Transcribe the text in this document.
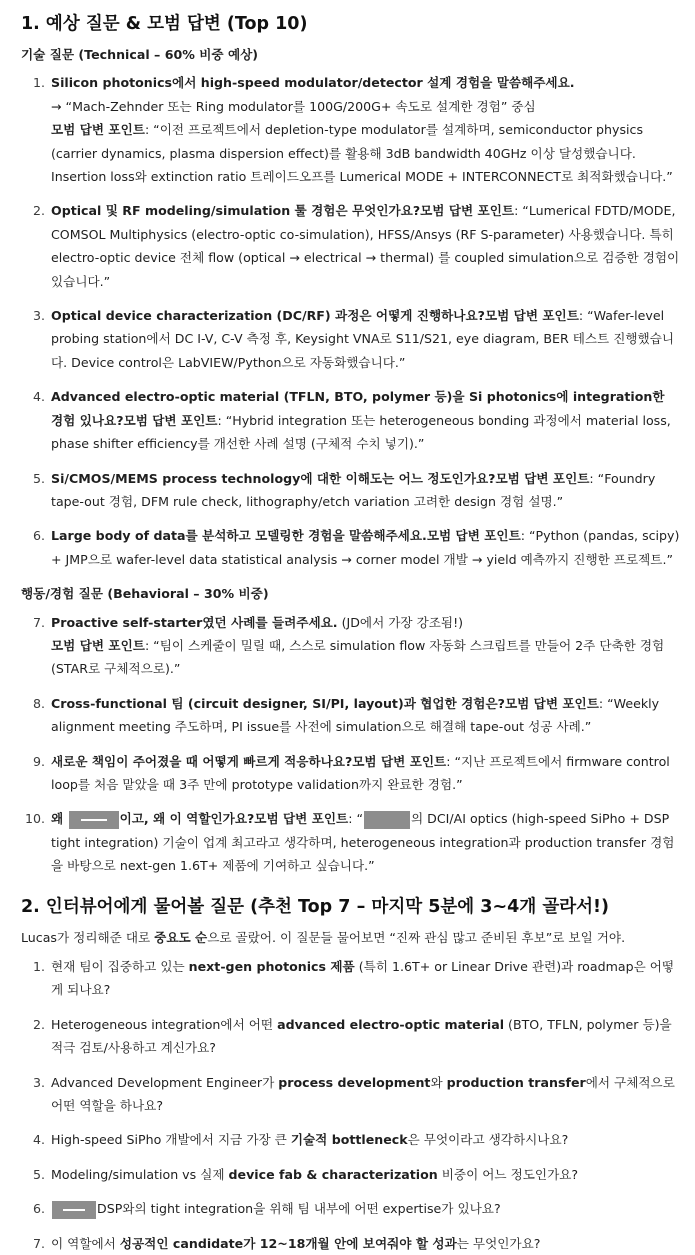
1. 예상 질문 & 모범 답변 (Top 10)
기술 질문 (Technical – 60% 비중 예상)
1. Silicon photonics에서 high-speed modulator/detector 설계 경험을 말씀해주세요.
→ “Mach-Zehnder 또는 Ring modulator를 100G/200G+ 속도로 설계한 경험” 중심
모범 답변 포인트: “이전 프로젝트에서 depletion-type modulator를 설계하며, semiconductor physics (carrier dynamics, plasma dispersion effect)를 활용해 3dB bandwidth 40GHz 이상 달성했습니다. Insertion loss와 extinction ratio 트레이드오프를 Lumerical MODE + INTERCONNECT로 최적화했습니다.”
2. Optical 및 RF modeling/simulation 툴 경험은 무엇인가요?모범 답변 포인트: “Lumerical FDTD/MODE, COMSOL Multiphysics (electro-optic co-simulation), HFSS/Ansys (RF S-parameter) 사용했습니다. 특히 electro-optic device 전체 flow (optical → electrical → thermal) 를 coupled simulation으로 검증한 경험이 있습니다.”
3. Optical device characterization (DC/RF) 과정은 어떻게 진행하나요?모범 답변 포인트: “Wafer-level probing station에서 DC I-V, C-V 측정 후, Keysight VNA로 S11/S21, eye diagram, BER 테스트 진행했습니다. Device control은 LabVIEW/Python으로 자동화했습니다.”
4. Advanced electro-optic material (TFLN, BTO, polymer 등)을 Si photonics에 integration한 경험 있나요?모범 답변 포인트: “Hybrid integration 또는 heterogeneous bonding 과정에서 material loss, phase shifter efficiency를 개선한 사례 설명 (구체적 수치 넣기).”
5. Si/CMOS/MEMS process technology에 대한 이해도는 어느 정도인가요?모범 답변 포인트: “Foundry tape-out 경험, DFM rule check, lithography/etch variation 고려한 design 경험 설명.”
6. Large body of data를 분석하고 모델링한 경험을 말씀해주세요.모범 답변 포인트: “Python (pandas, scipy) + JMP으로 wafer-level data statistical analysis → corner model 개발 → yield 예측까지 진행한 프로젝트.”
행동/경험 질문 (Behavioral – 30% 비중)
7. Proactive self-starter였던 사례를 들려주세요. (JD에서 가장 강조됨!)
모범 답변 포인트: “팀이 스케줄이 밀릴 때, 스스로 simulation flow 자동화 스크립트를 만들어 2주 단축한 경험 (STAR로 구체적으로).”
8. Cross-functional 팀 (circuit designer, SI/PI, layout)과 협업한 경험은?모범 답변 포인트: “Weekly alignment meeting 주도하며, PI issue를 사전에 simulation으로 해결해 tape-out 성공 사례.”
9. 새로운 책임이 주어졌을 때 어떻게 빠르게 적응하나요?모범 답변 포인트: “지난 프로젝트에서 firmware control loop를 처음 맡았을 때 3주 만에 prototype validation까지 완료한 경험.”
10. 왜	이고, 왜 이 역할인가요?모범 답변 포인트: “	의 DCI/AI optics (high-speed SiPho + DSP tight integration) 기술이 업계 최고라고 생각하며, heterogeneous integration과 production transfer 경험을 바탕으로 next-gen 1.6T+ 제품에 기여하고 싶습니다.”
2. 인터뷰어에게 물어볼 질문 (추천 Top 7 – 마지막 5분에 3~4개 골라서!)
Lucas가 정리해준 대로 중요도 순으로 골랐어. 이 질문들 물어보면 “진짜 관심 많고 준비된 후보”로 보일 거야.
1. 현재 팀이 집중하고 있는 next-gen photonics 제품 (특히 1.6T+ or Linear Drive 관련)과 roadmap은 어떻게 되나요?
2. Heterogeneous integration에서 어떤 advanced electro-optic material (BTO, TFLN, polymer 등)을 적극 검토/사용하고 계신가요?
3. Advanced Development Engineer가 process development와 production transfer에서 구체적으로 어떤 역할을 하나요?
4. High-speed SiPho 개발에서 지금 가장 큰 기술적 bottleneck은 무엇이라고 생각하시나요?
5. Modeling/simulation vs 실제 device fab & characterization 비중이 어느 정도인가요?
6.	DSP와의 tight integration을 위해 팀 내부에 어떤 expertise가 있나요?
7. 이 역할에서 성공적인 candidate가 12~18개월 안에 보여줘야 할 성과는 무엇인가요?
